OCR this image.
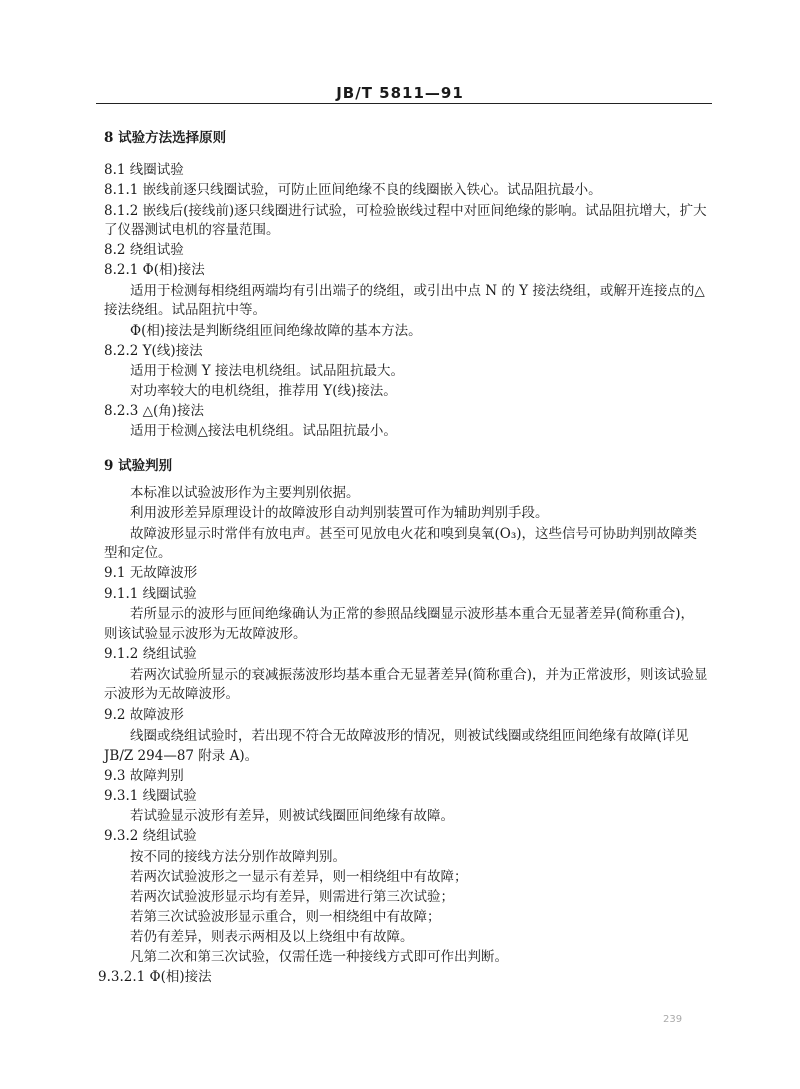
JB/T 5811—91
8 试验方法选择原则
8.1 线圈试验
8.1.1 嵌线前逐只线圈试验，可防止匝间绝缘不良的线圈嵌入铁心。试品阻抗最小。
8.1.2 嵌线后(接线前)逐只线圈进行试验，可检验嵌线过程中对匝间绝缘的影响。试品阻抗增大，扩大
了仪器测试电机的容量范围。
8.2 绕组试验
8.2.1 Φ(相)接法
适用于检测每相绕组两端均有引出端子的绕组，或引出中点 N 的 Y 接法绕组，或解开连接点的△
接法绕组。试品阻抗中等。
Φ(相)接法是判断绕组匝间绝缘故障的基本方法。
8.2.2 Y(线)接法
适用于检测 Y 接法电机绕组。试品阻抗最大。
对功率较大的电机绕组，推荐用 Y(线)接法。
8.2.3 △(角)接法
适用于检测△接法电机绕组。试品阻抗最小。
9 试验判别
本标准以试验波形作为主要判别依据。
利用波形差异原理设计的故障波形自动判别装置可作为辅助判别手段。
故障波形显示时常伴有放电声。甚至可见放电火花和嗅到臭氧(O₃)，这些信号可协助判别故障类
型和定位。
9.1 无故障波形
9.1.1 线圈试验
若所显示的波形与匝间绝缘确认为正常的参照品线圈显示波形基本重合无显著差异(简称重合)，
则该试验显示波形为无故障波形。
9.1.2 绕组试验
若两次试验所显示的衰减振荡波形均基本重合无显著差异(简称重合)，并为正常波形，则该试验显
示波形为无故障波形。
9.2 故障波形
线圈或绕组试验时，若出现不符合无故障波形的情况，则被试线圈或绕组匝间绝缘有故障(详见
JB/Z 294—87 附录 A)。
9.3 故障判别
9.3.1 线圈试验
若试验显示波形有差异，则被试线圈匝间绝缘有故障。
9.3.2 绕组试验
按不同的接线方法分别作故障判别。
若两次试验波形之一显示有差异，则一相绕组中有故障；
若两次试验波形显示均有差异，则需进行第三次试验；
若第三次试验波形显示重合，则一相绕组中有故障；
若仍有差异，则表示两相及以上绕组中有故障。
凡第二次和第三次试验，仅需任选一种接线方式即可作出判断。
9.3.2.1 Φ(相)接法
239
